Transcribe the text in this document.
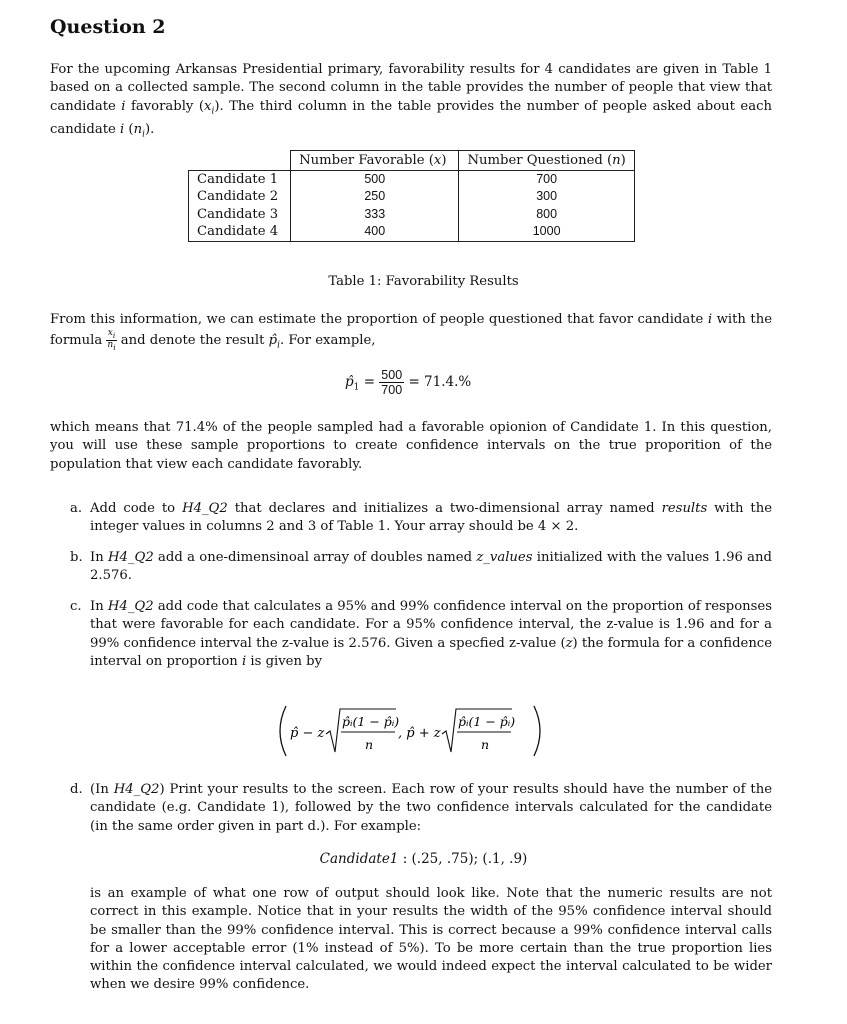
Question 2

For the upcoming Arkansas Presidential primary, favorability results for 4 candidates are given in Table 1 based on a collected sample. The second column in the table provides the number of people that view that candidate i favorably $(x_i)$. The third column in the table provides the number of people asked about each candidate i $(n_i)$.

	Number Favorable (x)	Number Questioned (n)
Candidate 1	500	700
Candidate 2	250	300
Candidate 3	333	800
Candidate 4	400	1000
Table 1: Favorability Results

From this information, we can estimate the proportion of people questioned that favor candidate i with the formula $\frac{x_i}{n_i}$ and denote the result $p̂_i$. For example,

$p̂_1 = \frac{500}{700} = 71.4.\%$

which means that 71.4% of the people sampled had a favorable opionion of Candidate 1. In this question, you will use these sample proportions to create confidence intervals on the true proporition of the population that view each candidate favorably.

a. Add code to H4_Q2 that declares and initializes a two-dimensional array named results with the integer values in columns 2 and 3 of Table 1. Your array should be 4 × 2.
b. In H4_Q2 add a one-dimensinoal array of doubles named z_values initialized with the values 1.96 and 2.576.
c. In H4_Q2 add code that calculates a 95% and 99% confidence interval on the proportion of responses that were favorable for each candidate. For a 95% confidence interval, the z-value is 1.96 and for a 99% confidence interval the z-value is 2.576. Given a specfied z-value (z) the formula for a confidence interval on proportion i is given by
p̂ − z
p̂ᵢ(1 − p̂ᵢ)
n
, p̂ + z
p̂ᵢ(1 − p̂ᵢ)
n
d. (In H4_Q2) Print your results to the screen. Each row of your results should have the number of the candidate (e.g. Candidate 1), followed by the two confidence intervals calculated for the candidate (in the same order given in part d.). For example:
Candidate1 : (.25, .75); (.1, .9)
is an example of what one row of output should look like. Note that the numeric results are not correct in this example. Notice that in your results the width of the 95% confidence interval should be smaller than the 99% confidence interval. This is correct because a 99% confidence interval calls for a lower acceptable error (1% instead of 5%). To be more certain than the true proportion lies within the confidence interval calculated, we would indeed expect the interval calculated to be wider when we desire 99% confidence.
